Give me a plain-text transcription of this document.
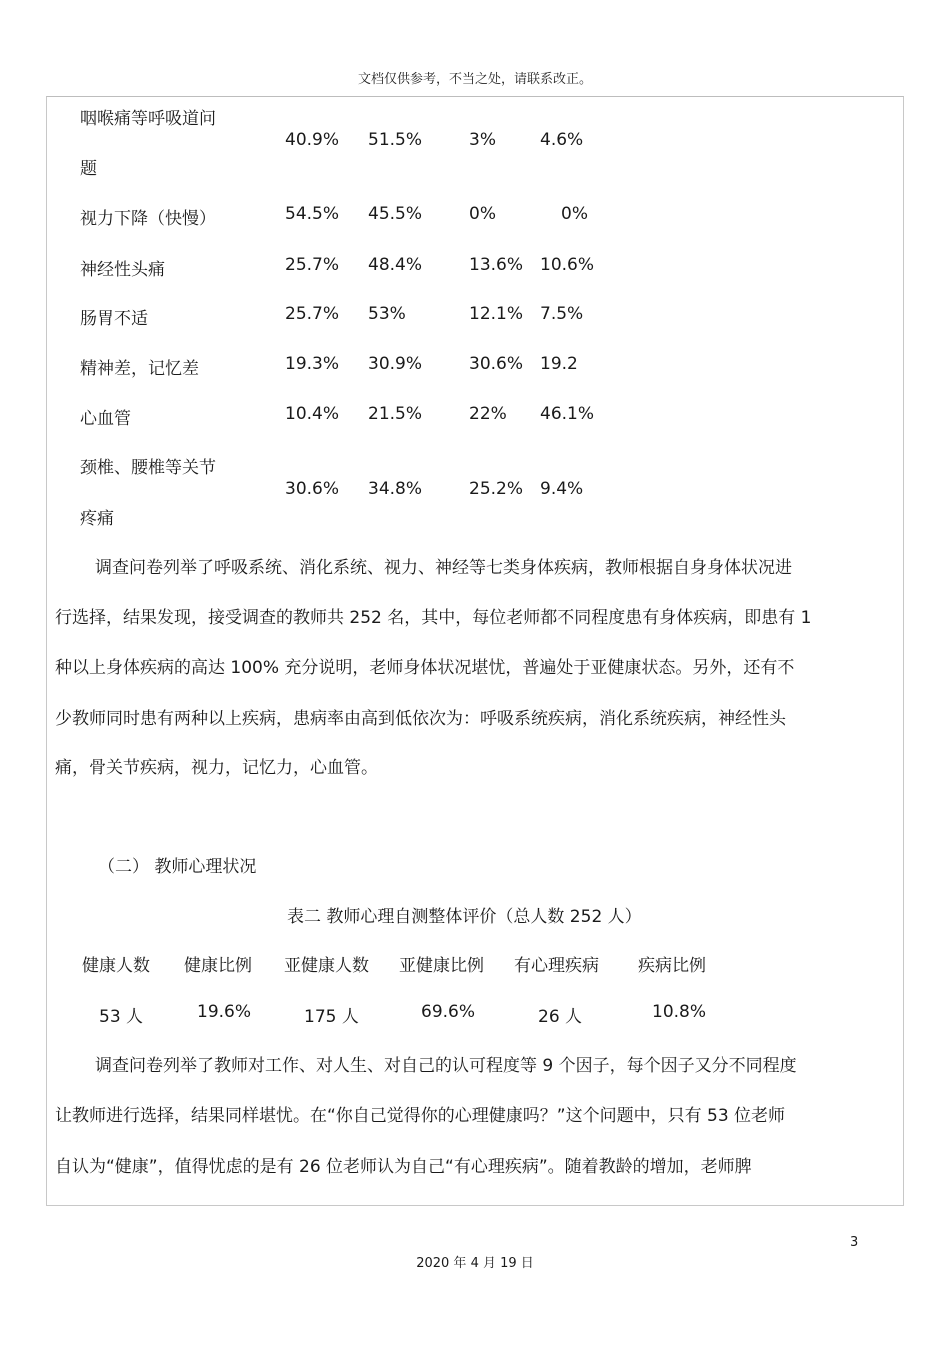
文档仅供参考，不当之处，请联系改正。
咽喉痛等呼吸道问
题
40.9% 51.5%	3%	4.6%
视力下降（快慢）	54.5% 45.5%	0%	0%
神经性头痛	25.7% 48.4%	13.6% 10.6%
肠胃不适	25.7% 53%	12.1% 7.5%
精神差，记忆差	19.3% 30.9%	30.6% 19.2
心血管	10.4% 21.5%	22% 46.1%
颈椎、腰椎等关节
疼痛
30.6% 34.8%	25.2% 9.4%
调查问卷列举了呼吸系统、消化系统、视力、神经等七类身体疾病，教师根据自身身体状况进
行选择，结果发现，接受调查的教师共 252 名，其中，每位老师都不同程度患有身体疾病，即患有 1
种以上身体疾病的高达 100% 充分说明，老师身体状况堪忧，普遍处于亚健康状态。另外，还有不
少教师同时患有两种以上疾病，患病率由高到低依次为：呼吸系统疾病，消化系统疾病，神经性头
痛，骨关节疾病，视力，记忆力，心血管。
（二） 教师心理状况
表二 教师心理自测整体评价（总人数 252 人）
健康人数 健康比例 亚健康人数 亚健康比例 有心理疾病 疾病比例
53 人	19.6%	175 人	69.6%	26 人	10.8%
调查问卷列举了教师对工作、对人生、对自己的认可程度等 9 个因子，每个因子又分不同程度
让教师进行选择，结果同样堪忧。在“你自己觉得你的心理健康吗？”这个问题中，只有 53 位老师
自认为“健康”，值得忧虑的是有 26 位老师认为自己“有心理疾病”。随着教龄的增加，老师脾
3
2020 年 4 月 19 日
